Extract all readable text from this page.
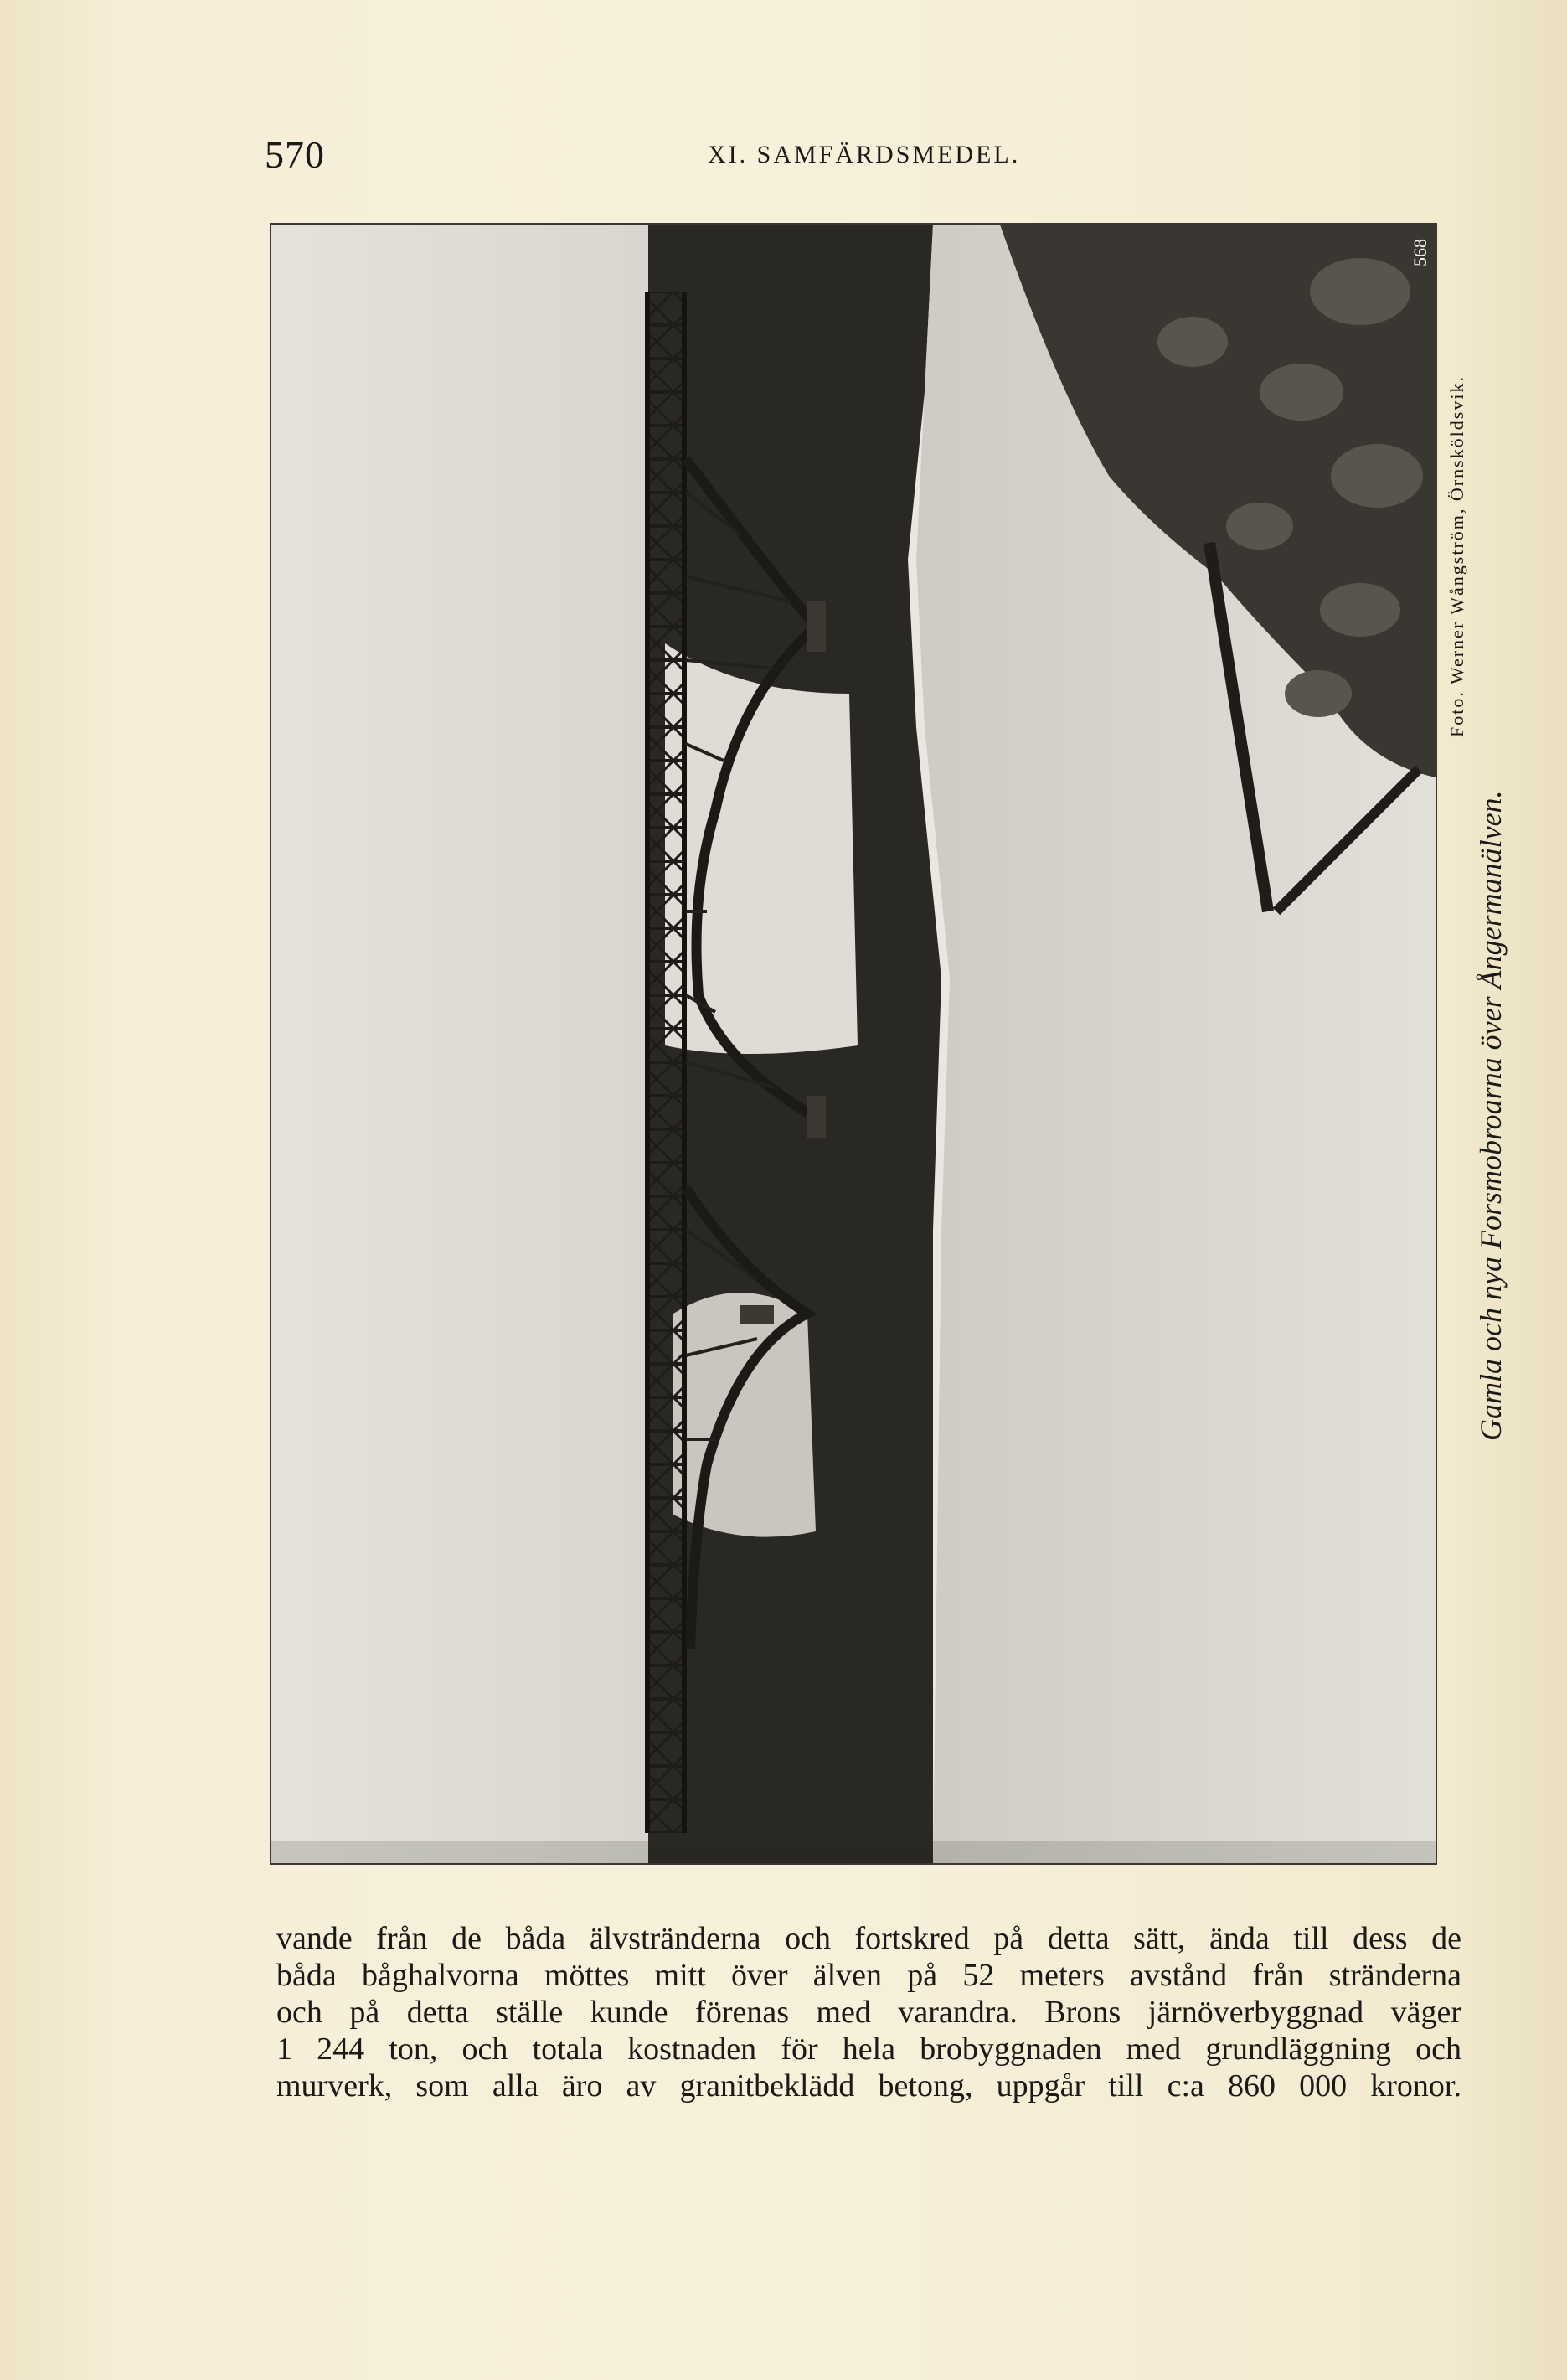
570	XI. SAMFÄRDSMEDEL.
568
Foto. Werner Wångström, Örnsköldsvik.
Gamla och nya Forsmobroarna över Ångermanälven.
vande från de båda älvstränderna och fortskred på detta sätt, ända till dess de
båda båghalvorna möttes mitt över älven på 52 meters avstånd från stränderna
och på detta ställe kunde förenas med varandra. Brons järnöverbyggnad väger
1 244 ton, och totala kostnaden för hela brobyggnaden med grundläggning och
murverk, som alla äro av granitbeklädd betong, uppgår till c:a 860 000 kronor.
